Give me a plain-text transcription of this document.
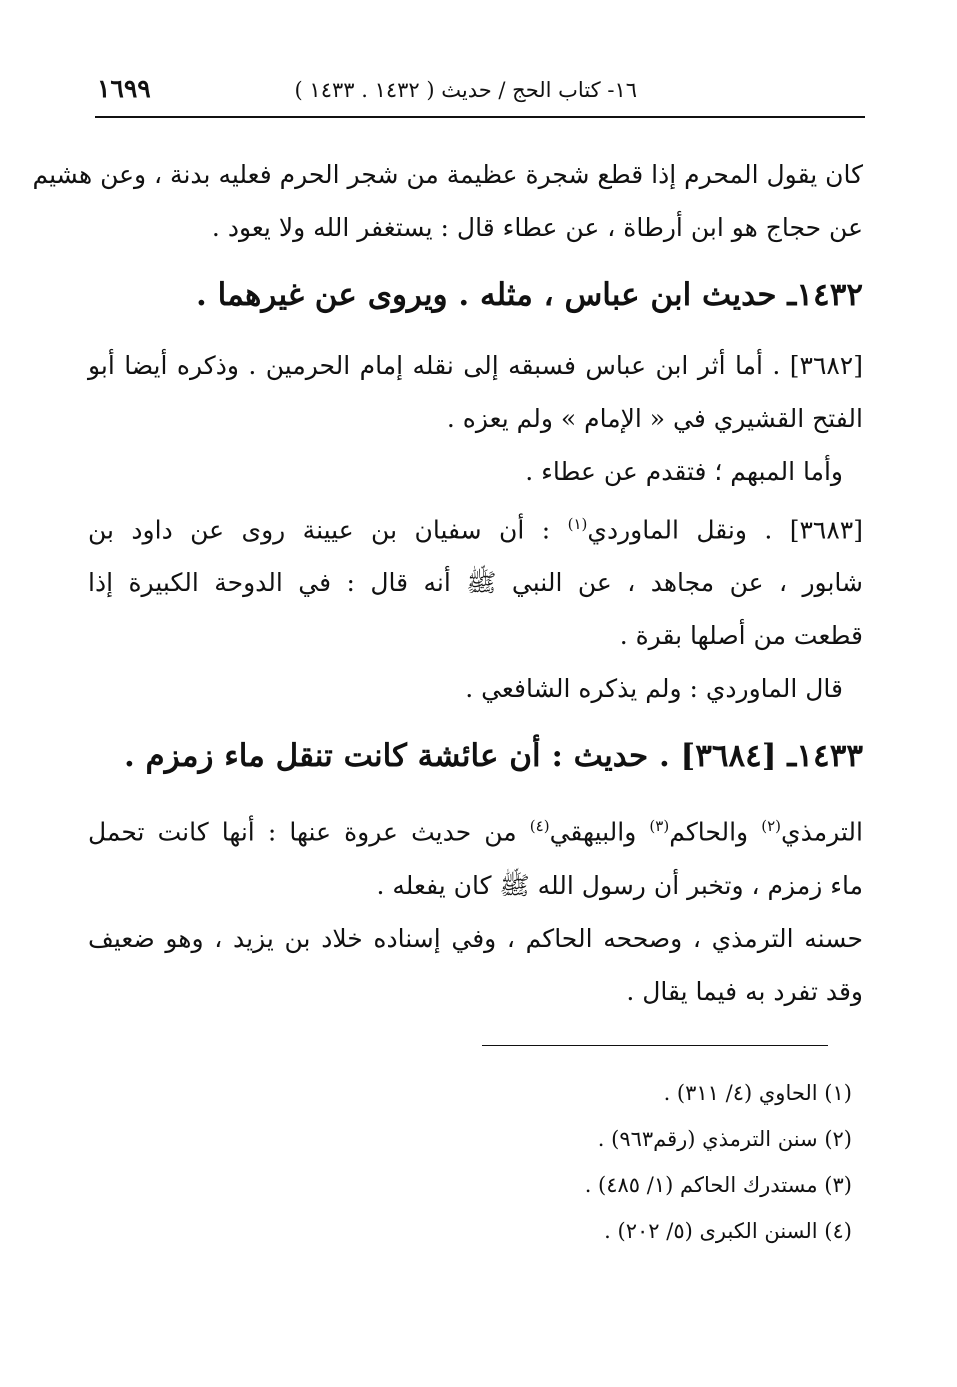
١٦٩٩	١٦- كتاب الحج / حديث ( ١٤٣٢ . ١٤٣٣ )
كان يقول المحرم إذا قطع شجرة عظيمة من شجر الحرم فعليه بدنة ، وعن هشيم
عن حجاج هو ابن أرطاة ، عن عطاء قال : يستغفر الله ولا يعود .
١٤٣٢ـ حديث ابن عباس ، مثله . ويروى عن غيرهما .
[٣٦٨٢] . أما أثر ابن عباس فسبقه إلى نقله إمام الحرمين . وذكره أيضا أبو
الفتح القشيري في « الإمام » ولم يعزه .
وأما المبهم ؛ فتقدم عن عطاء .
[٣٦٨٣] . ونقل الماوردي$^{(١)}$ : أن سفيان بن عيينة روى عن داود بن
شابور ، عن مجاهد ، عن النبي ﷺ أنه قال : في الدوحة الكبيرة إذا
قطعت من أصلها بقرة .
قال الماوردي : ولم يذكره الشافعي .
١٤٣٣ـ [٣٦٨٤] . حديث : أن عائشة كانت تنقل ماء زمزم .
الترمذي$^{(٢)}$ والحاكم$^{(٣)}$ والبيهقي$^{(٤)}$ من حديث عروة عنها : أنها كانت تحمل
ماء زمزم ، وتخبر أن رسول الله ﷺ كان يفعله .
حسنه الترمذي ، وصححه الحاكم ، وفي إسناده خلاد بن يزيد ، وهو ضعيف
وقد تفرد به فيما يقال .
(١) الحاوي (٤/ ٣١١) .
(٢) سنن الترمذي (رقم٩٦٣) .
(٣) مستدرك الحاكم (١/ ٤٨٥) .
(٤) السنن الكبرى (٥/ ٢٠٢) .
